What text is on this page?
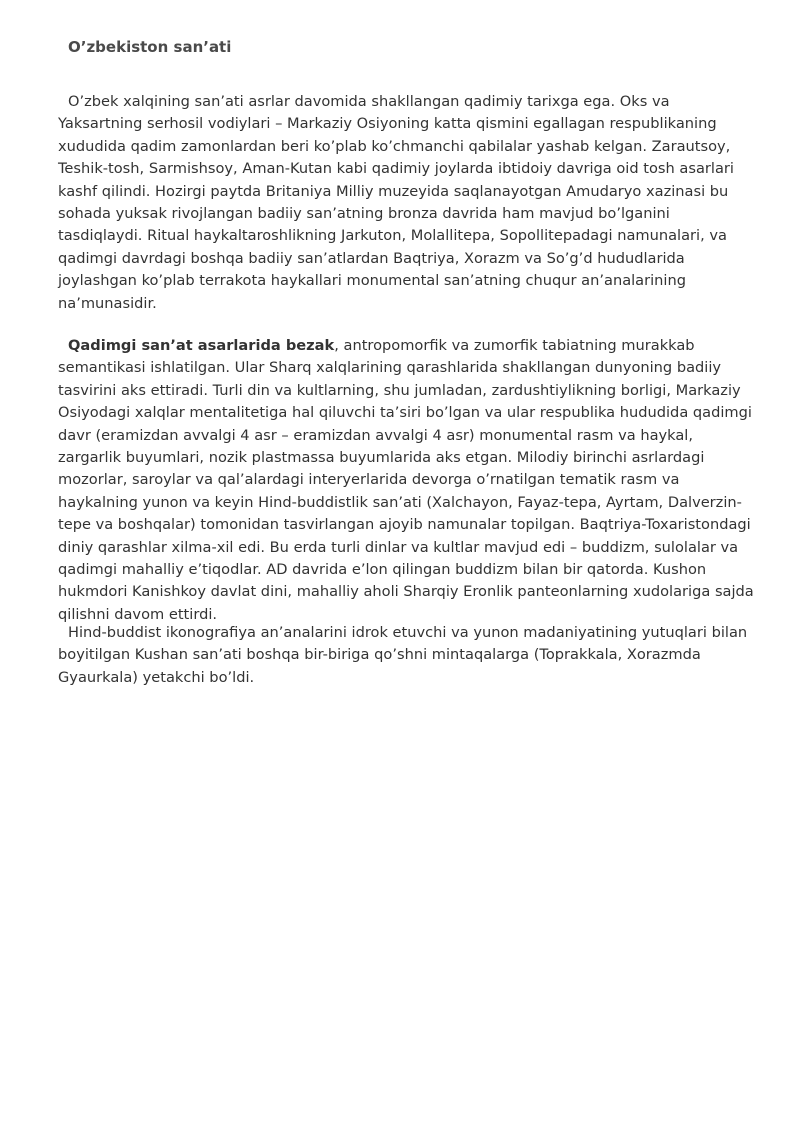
O’zbekiston san’ati

O’zbek xalqining san’ati asrlar davomida shakllangan qadimiy tarixga ega. Oks va Yaksartning serhosil vodiylari – Markaziy Osiyoning katta qismini egallagan respublikaning xududida qadim zamonlardan beri ko’plab ko’chmanchi qabilalar yashab kelgan. Zarautsoy, Teshik-tosh, Sarmishsoy, Aman-Kutan kabi qadimiy joylarda ibtidoiy davriga oid tosh asarlari kashf qilindi. Hozirgi paytda Britaniya Milliy muzeyida saqlanayotgan Amudaryo xazinasi bu sohada yuksak rivojlangan badiiy san’atning bronza davrida ham mavjud bo’lganini tasdiqlaydi. Ritual haykaltaroshlikning Jarkuton, Molallitepa, Sopollitepadagi namunalari, va qadimgi davrdagi boshqa badiiy san’atlardan Baqtriya, Xorazm va So’g’d hududlarida joylashgan ko’plab terrakota haykallari monumental san’atning chuqur an’analarining na’munasidir.

Qadimgi san’at asarlarida bezak, antropomorfik va zumorfik tabiatning murakkab semantikasi ishlatilgan. Ular Sharq xalqlarining qarashlarida shakllangan dunyoning badiiy tasvirini aks ettiradi. Turli din va kultlarning, shu jumladan, zardushtiylikning borligi, Markaziy Osiyodagi xalqlar mentalitetiga hal qiluvchi ta’siri bo’lgan va ular respublika hududida qadimgi davr (eramizdan avvalgi 4 asr – eramizdan avvalgi 4 asr) monumental rasm va haykal, zargarlik buyumlari, nozik plastmassa buyumlarida aks etgan. Milodiy birinchi asrlardagi mozorlar, saroylar va qal’alardagi interyerlarida devorga o’rnatilgan tematik rasm va haykalning yunon va keyin Hind-buddistlik san’ati (Xalchayon, Fayaz-tepa, Ayrtam, Dalverzin-tepe va boshqalar) tomonidan tasvirlangan ajoyib namunalar topilgan. Baqtriya-Toxaristondagi diniy qarashlar xilma-xil edi. Bu erda turli dinlar va kultlar mavjud edi – buddizm, sulolalar va qadimgi mahalliy e’tiqodlar. AD davrida e’lon qilingan buddizm bilan bir qatorda. Kushon hukmdori Kanishkoy davlat dini, mahalliy aholi Sharqiy Eronlik panteonlarning xudolariga sajda qilishni davom ettirdi.

Hind-buddist ikonografiya an’analarini idrok etuvchi va yunon madaniyatining yutuqlari bilan boyitilgan Kushan san’ati boshqa bir-biriga qo’shni mintaqalarga (Toprakkala, Xorazmda Gyaurkala) yetakchi bo’ldi.
